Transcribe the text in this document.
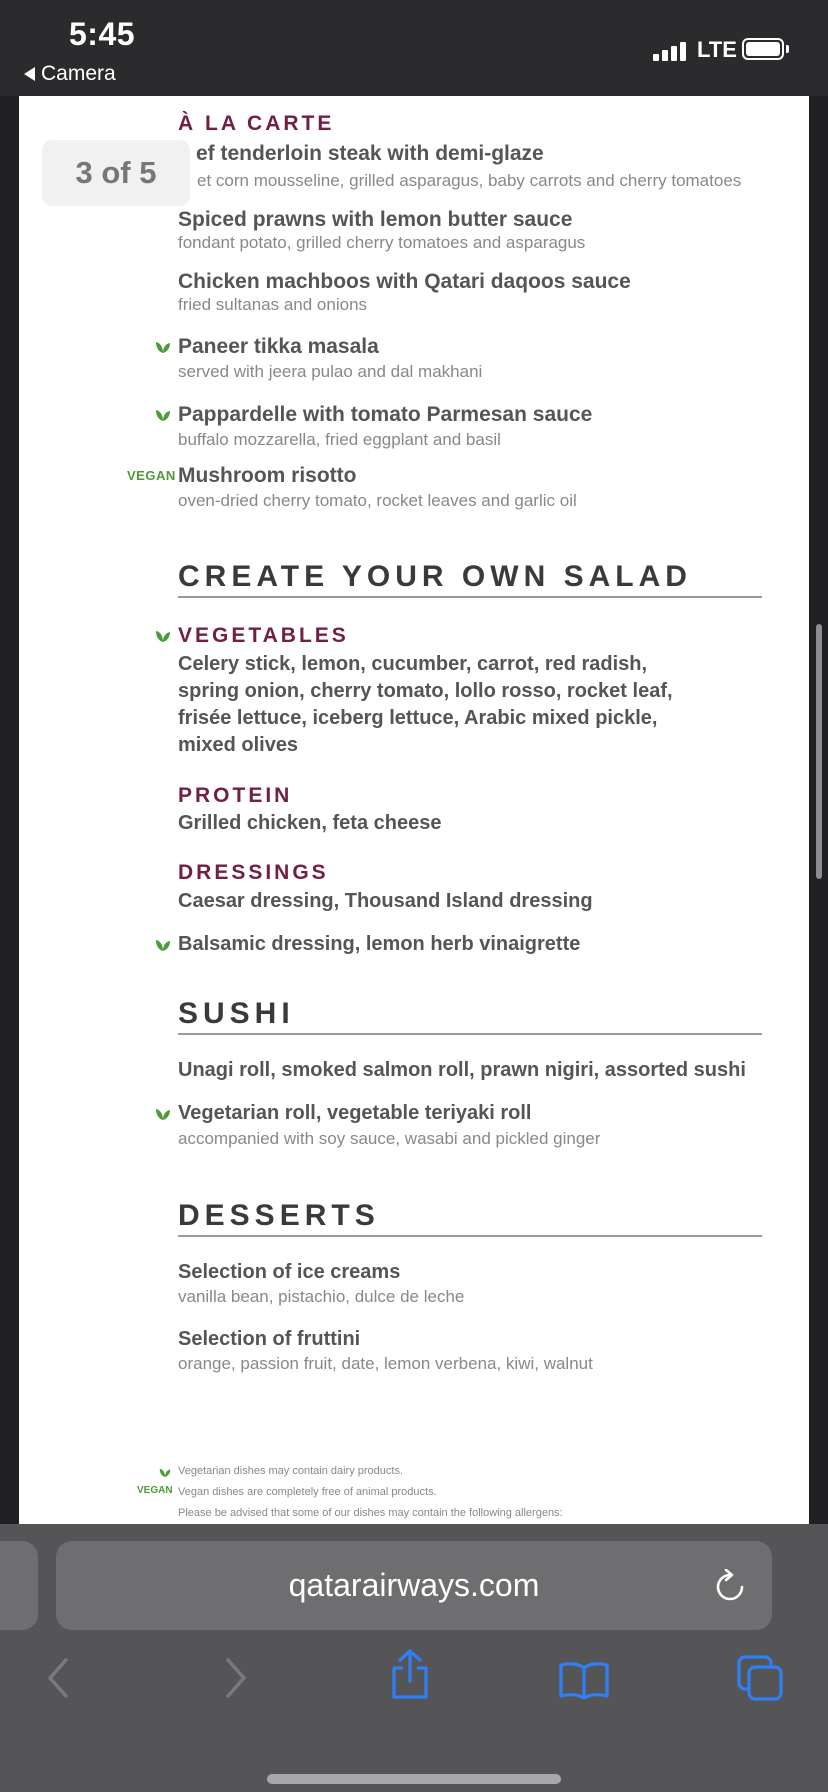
5:45
Camera
LTE
À LA CARTE
ef tenderloin steak with demi-glaze
et corn mousseline, grilled asparagus, baby carrots and cherry tomatoes
Spiced prawns with lemon butter sauce
fondant potato, grilled cherry tomatoes and asparagus
Chicken machboos with Qatari daqoos sauce
fried sultanas and onions
Paneer tikka masala
served with jeera pulao and dal makhani
Pappardelle with tomato Parmesan sauce
buffalo mozzarella, fried eggplant and basil
VEGAN Mushroom risotto
oven-dried cherry tomato, rocket leaves and garlic oil
CREATE YOUR OWN SALAD
VEGETABLES
Celery stick, lemon, cucumber, carrot, red radish,
spring onion, cherry tomato, lollo rosso, rocket leaf,
frisée lettuce, iceberg lettuce, Arabic mixed pickle,
mixed olives
PROTEIN
Grilled chicken, feta cheese
DRESSINGS
Caesar dressing, Thousand Island dressing
Balsamic dressing, lemon herb vinaigrette
SUSHI
Unagi roll, smoked salmon roll, prawn nigiri, assorted sushi
Vegetarian roll, vegetable teriyaki roll
accompanied with soy sauce, wasabi and pickled ginger
DESSERTS
Selection of ice creams
vanilla bean, pistachio, dulce de leche
Selection of fruttini
orange, passion fruit, date, lemon verbena, kiwi, walnut
Vegetarian dishes may contain dairy products.
VEGAN Vegan dishes are completely free of animal products.
Please be advised that some of our dishes may contain the following allergens:
3 of 5
qatarairways.com
